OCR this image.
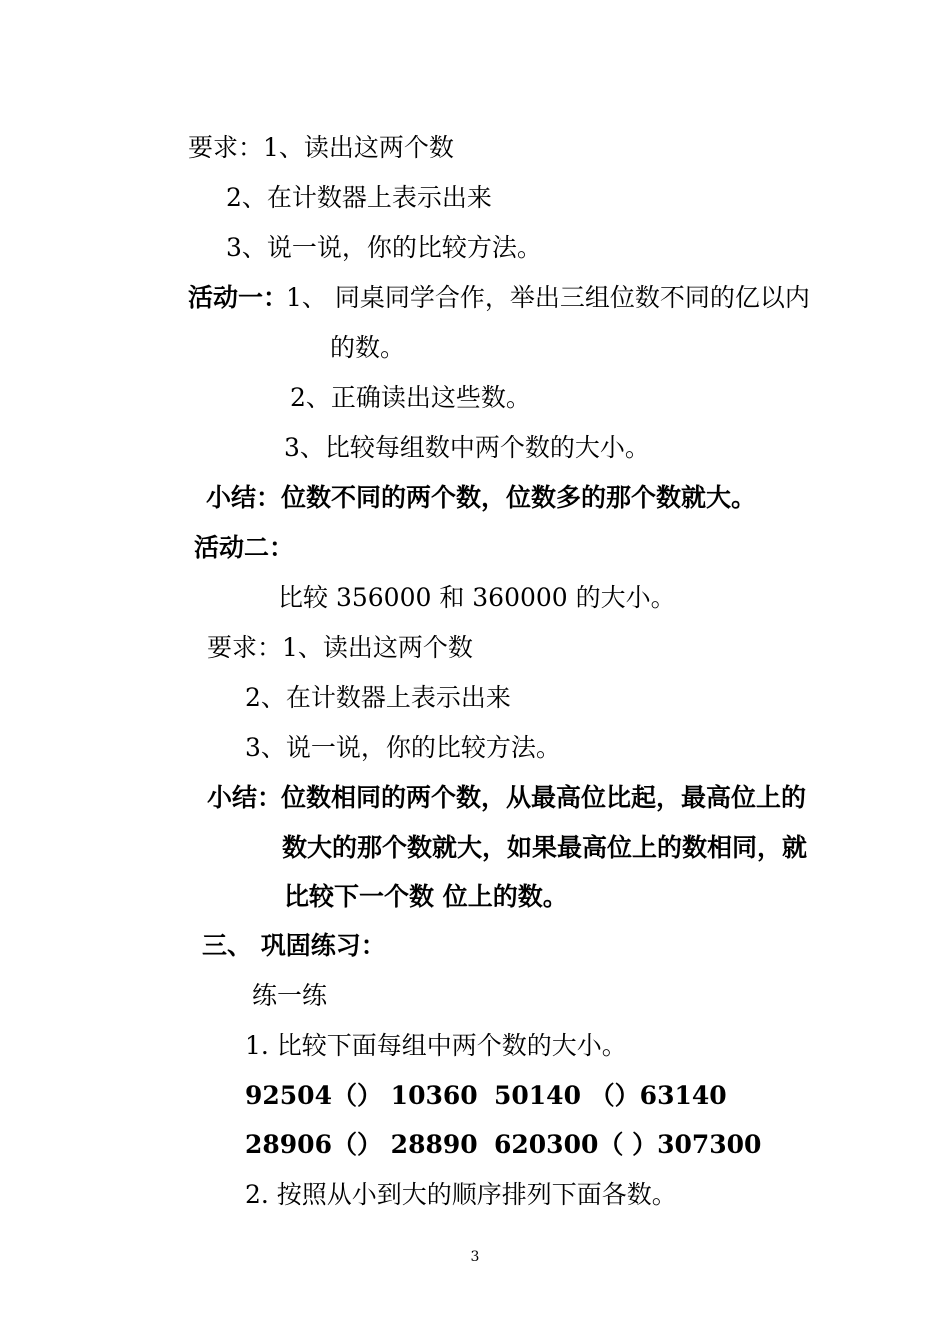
要求：1、读出这两个数
2、在计数器上表示出来
3、说一说，你的比较方法。
活动一：
1、 同桌同学合作，举出三组位数不同的亿以内
的数。
2、正确读出这些数。
3、比较每组数中两个数的大小。
小结：位数不同的两个数，位数多的那个数就大。
活动二：
比较 356000 和 360000 的大小。
要求：1、读出这两个数
2、在计数器上表示出来
3、说一说，你的比较方法。
小结：
位数相同的两个数，从最高位比起，最高位上的
数大的那个数就大，如果最高位上的数相同，就
比较下一个数 位上的数。
三、 巩固练习：
练一练
1. 比较下面每组中两个数的大小。
92504（） 10360 50140 （）63140
28906（） 28890 620300（ ）307300
2. 按照从小到大的顺序排列下面各数。
3
